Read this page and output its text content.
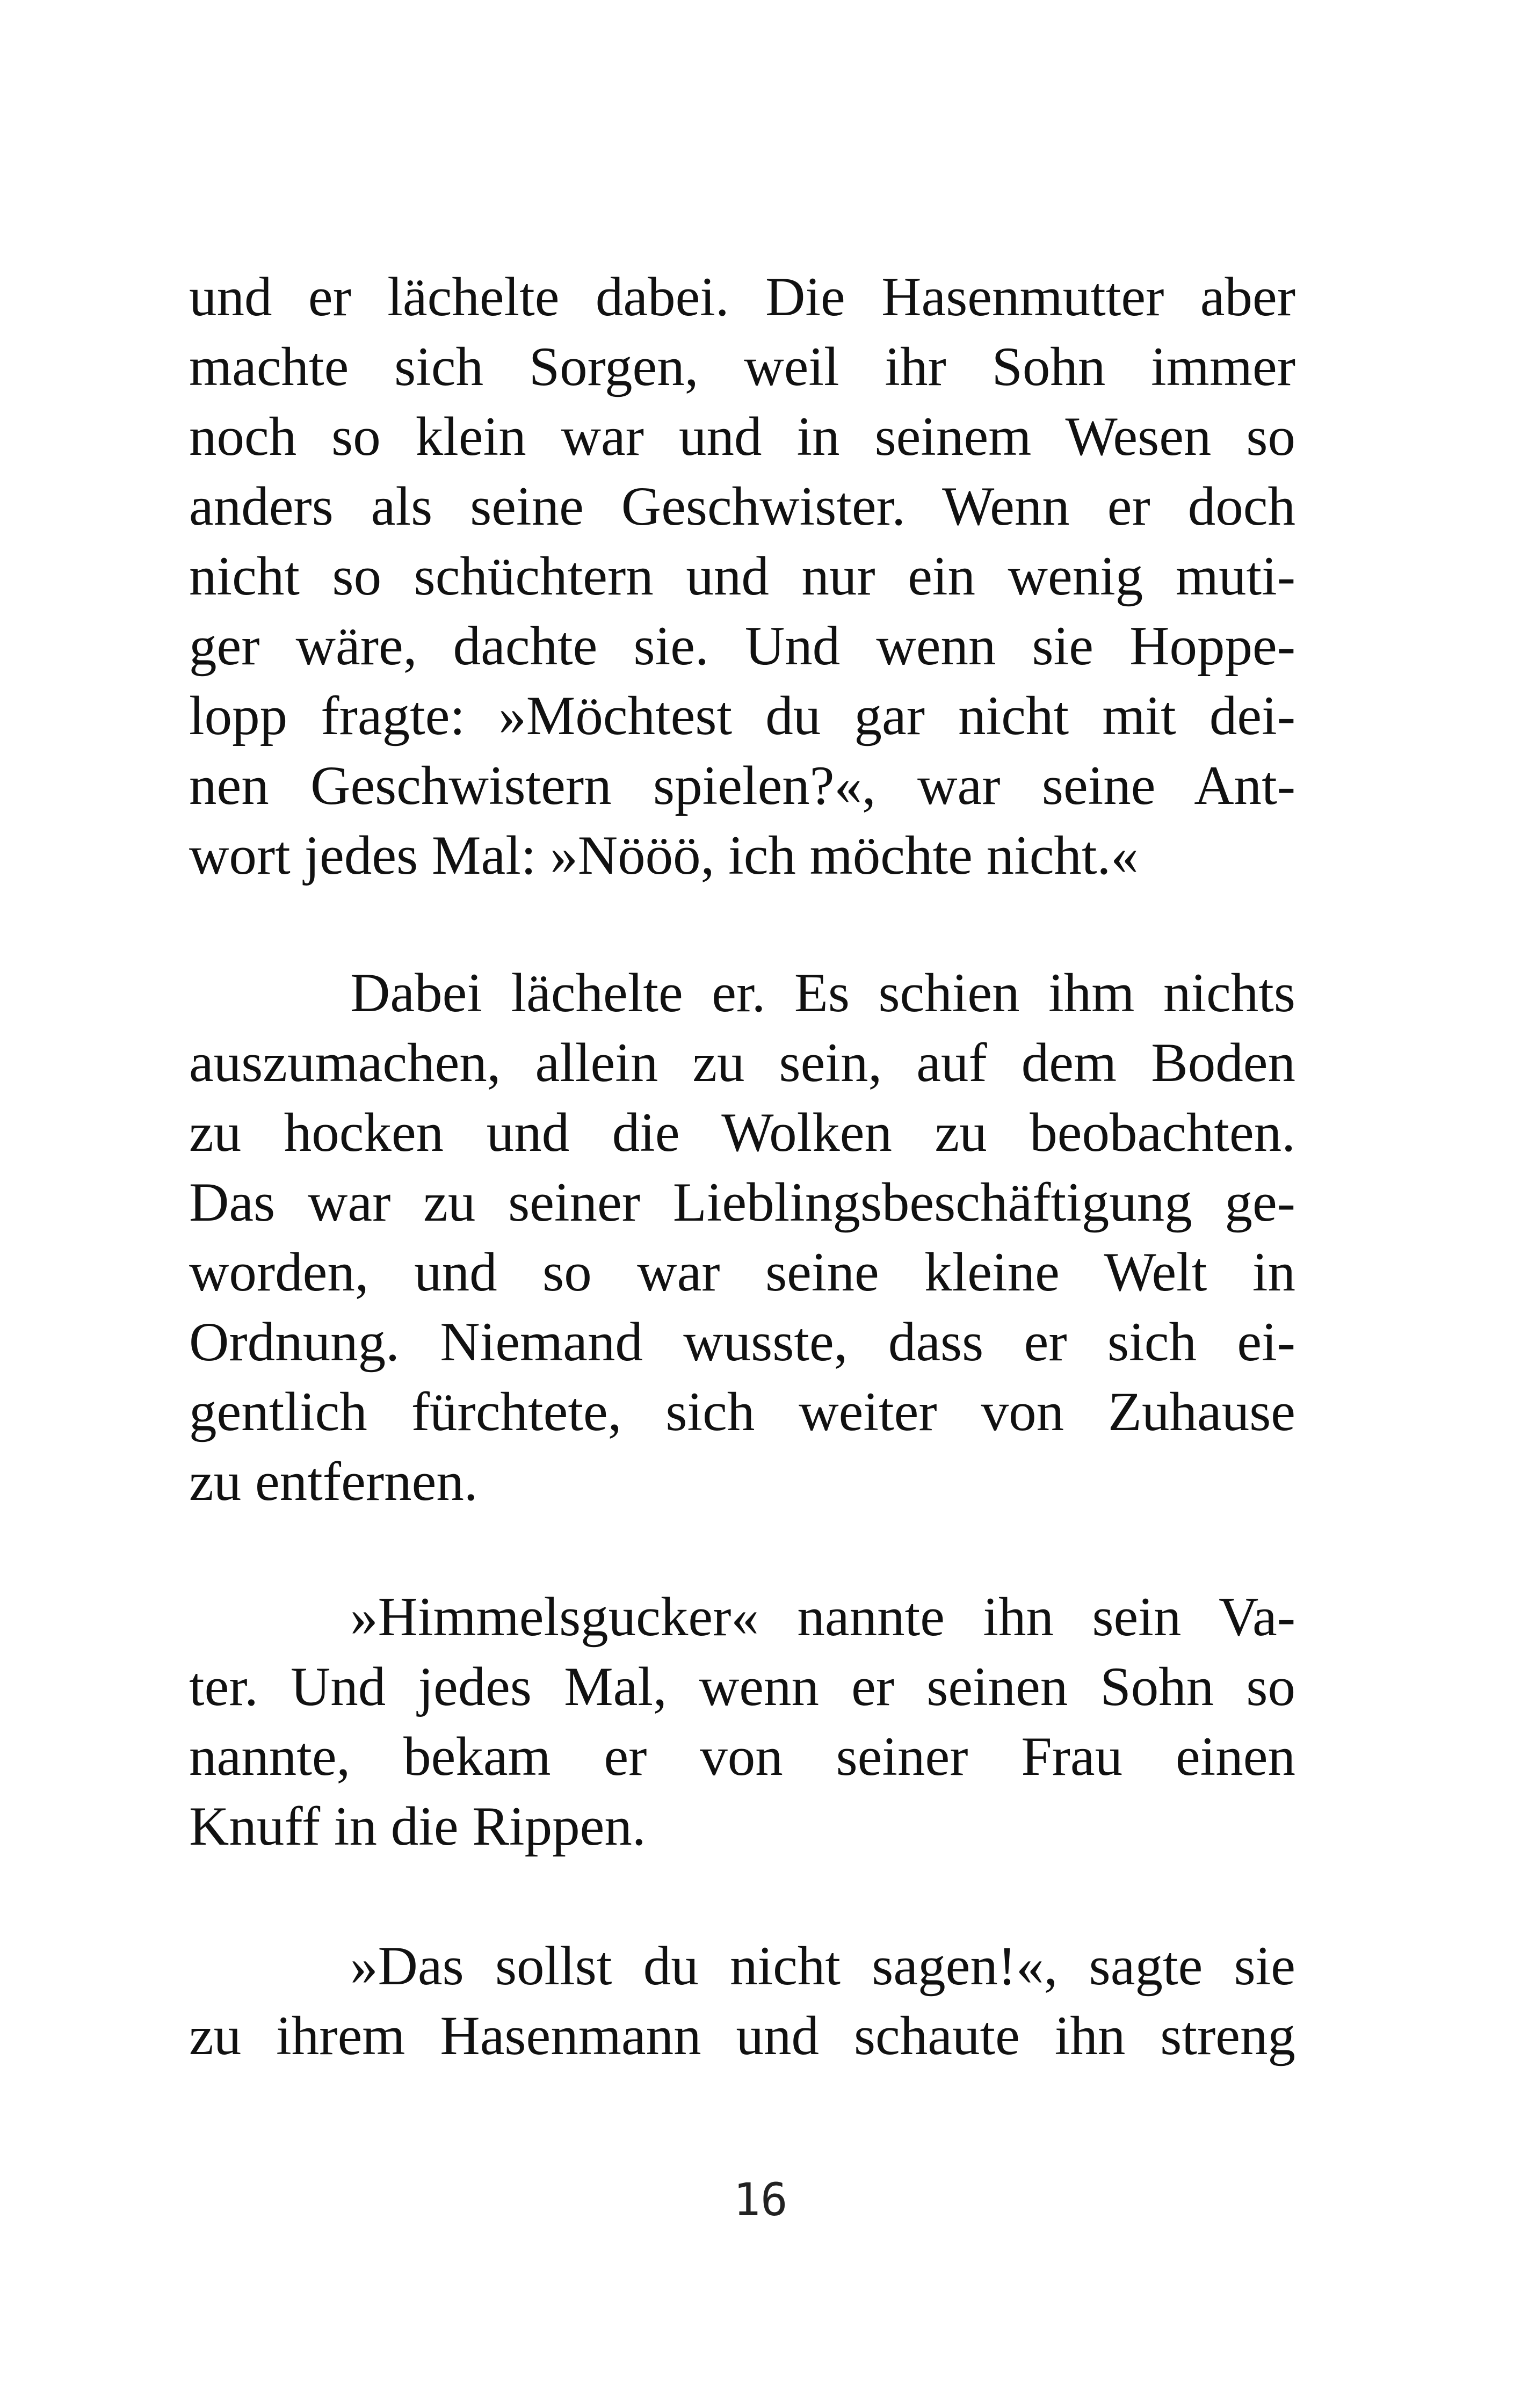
und er lächelte dabei. Die Hasenmutter aber
machte sich Sorgen, weil ihr Sohn immer
noch so klein war und in seinem Wesen so
anders als seine Geschwister. Wenn er doch
nicht so schüchtern und nur ein wenig muti-
ger wäre, dachte sie. Und wenn sie Hoppe-
lopp fragte: »Möchtest du gar nicht mit dei-
nen Geschwistern spielen?«, war seine Ant-
wort jedes Mal: »Nööö, ich möchte nicht.«
Dabei lächelte er. Es schien ihm nichts
auszumachen, allein zu sein, auf dem Boden
zu hocken und die Wolken zu beobachten.
Das war zu seiner Lieblingsbeschäftigung ge-
worden, und so war seine kleine Welt in
Ordnung. Niemand wusste, dass er sich ei-
gentlich fürchtete, sich weiter von Zuhause
zu entfernen.
»Himmelsgucker« nannte ihn sein Va-
ter. Und jedes Mal, wenn er seinen Sohn so
nannte, bekam er von seiner Frau einen
Knuff in die Rippen.
»Das sollst du nicht sagen!«, sagte sie
zu ihrem Hasenmann und schaute ihn streng
16
